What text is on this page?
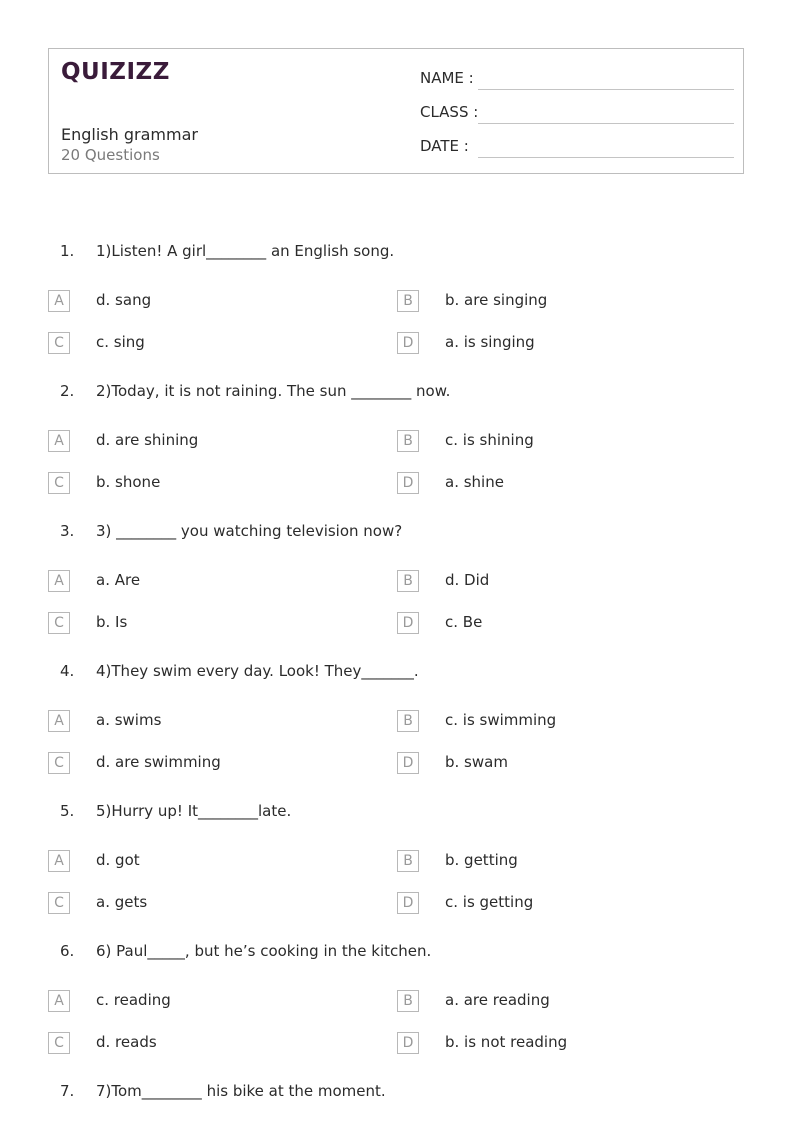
QUIZIZZ
English grammar
20 Questions
NAME :
CLASS :
DATE :
1. 1)Listen! A girl________ an English song.
A	d. sang	B	b. are singing
C	c. sing	D	a. is singing
2. 2)Today, it is not raining. The sun ________ now.
A	d. are shining	B	c. is shining
C	b. shone	D	a. shine
3. 3) ________ you watching television now?
A	a. Are	B	d. Did
C	b. Is	D	c. Be
4. 4)They swim every day. Look! They_______.
A	a. swims	B	c. is swimming
C	d. are swimming	D	b. swam
5. 5)Hurry up! It________late.
A	d. got	B	b. getting
C	a. gets	D	c. is getting
6. 6) Paul_____, but he’s cooking in the kitchen.
A	c. reading	B	a. are reading
C	d. reads	D	b. is not reading
7. 7)Tom________ his bike at the moment.
